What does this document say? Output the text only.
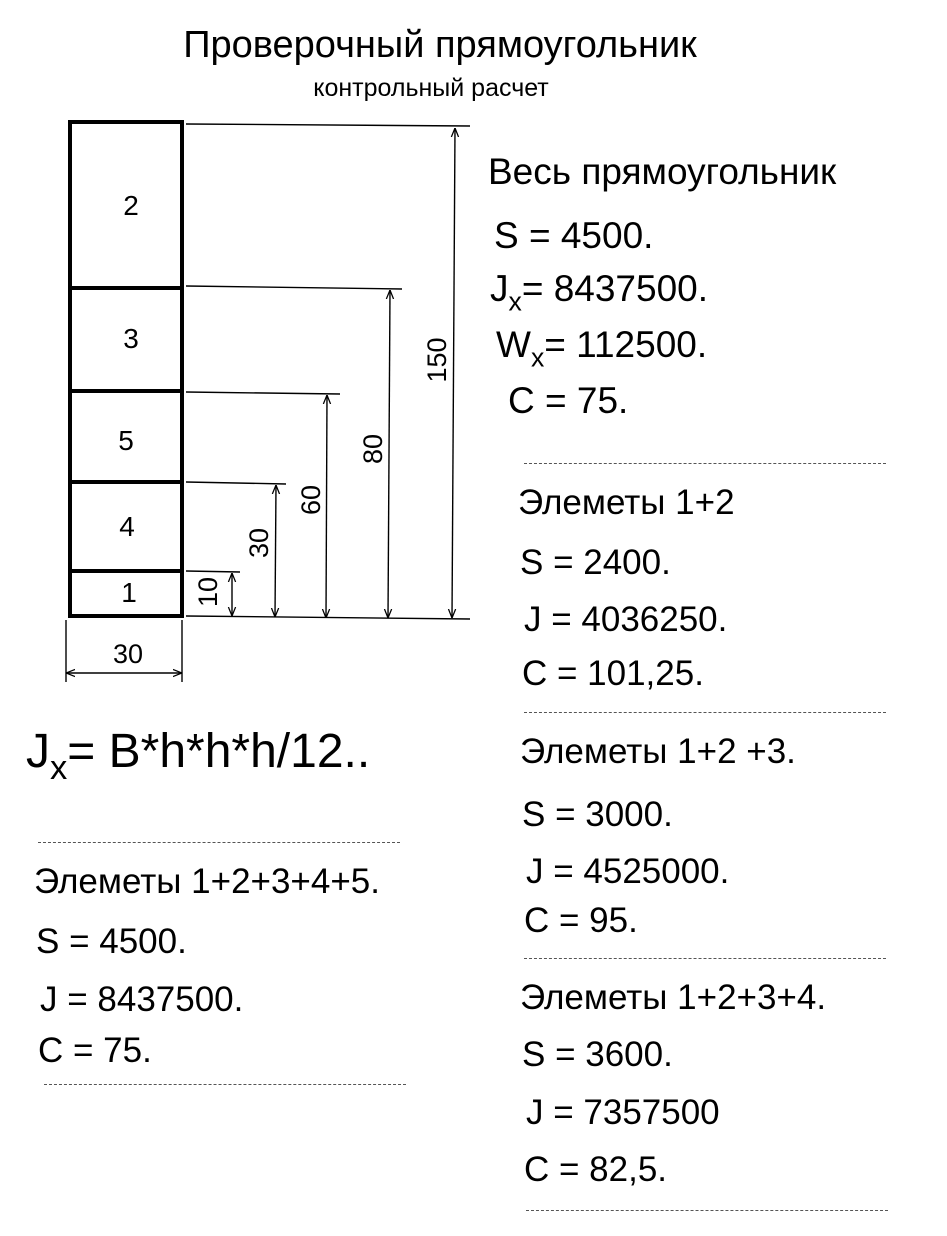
Проверочный прямоугольник
контрольный расчет
2
3
5
4
1
150
80
60
30
10
30
Весь прямоугольник
S = 4500.
$J_x= 8437500$.
$W_x= 112500$.
C = 75.
Элеметы 1+2
S = 2400.
J = 4036250.
C = 101,25.
$J_x= B*h*h*h/12$..	Элеметы 1+2 +3.
S = 3000.
J = 4525000.
C = 95.
Элеметы 1+2+3+4+5.
S = 4500.
J = 8437500.
C = 75.
Элеметы 1+2+3+4.
S = 3600.
J = 7357500
C = 82,5.
